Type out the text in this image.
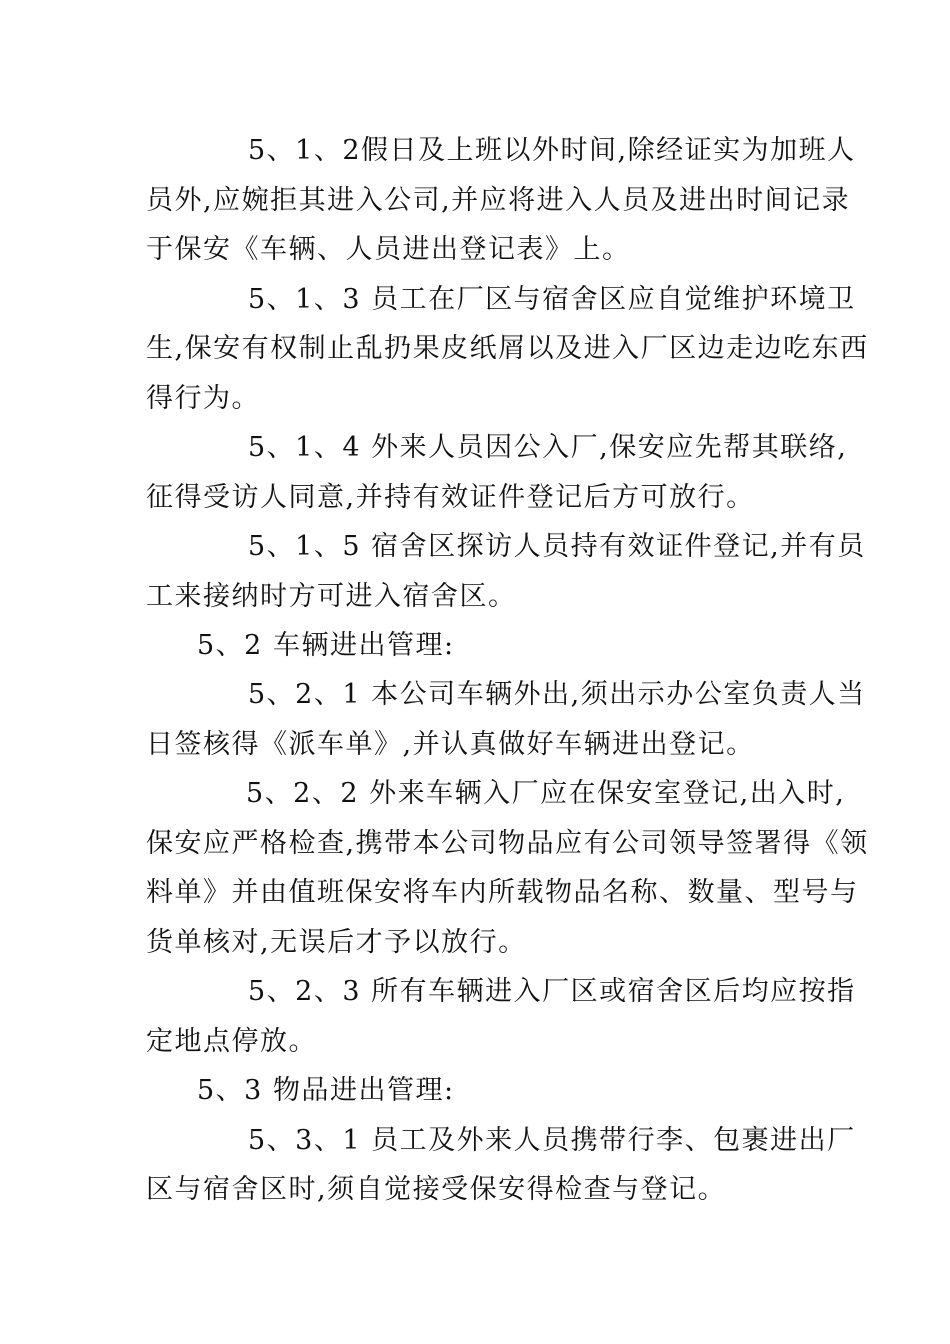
5、1、2假日及上班以外时间,除经证实为加班人
员外,应婉拒其进入公司,并应将进入人员及进出时间记录
于保安《车辆、人员进出登记表》上。
5、1、3 员工在厂区与宿舍区应自觉维护环境卫
生,保安有权制止乱扔果皮纸屑以及进入厂区边走边吃东西
得行为。
5、1、4 外来人员因公入厂,保安应先帮其联络,
征得受访人同意,并持有效证件登记后方可放行。
5、1、5 宿舍区探访人员持有效证件登记,并有员
工来接纳时方可进入宿舍区。
5、2 车辆进出管理:
5、2、1 本公司车辆外出,须出示办公室负责人当
日签核得《派车单》,并认真做好车辆进出登记。
5、2、2 外来车辆入厂应在保安室登记,出入时,
保安应严格检查,携带本公司物品应有公司领导签署得《领
料单》并由值班保安将车内所载物品名称、数量、型号与
货单核对,无误后才予以放行。
5、2、3 所有车辆进入厂区或宿舍区后均应按指
定地点停放。
5、3 物品进出管理:
5、3、1 员工及外来人员携带行李、包裹进出厂
区与宿舍区时,须自觉接受保安得检查与登记。
